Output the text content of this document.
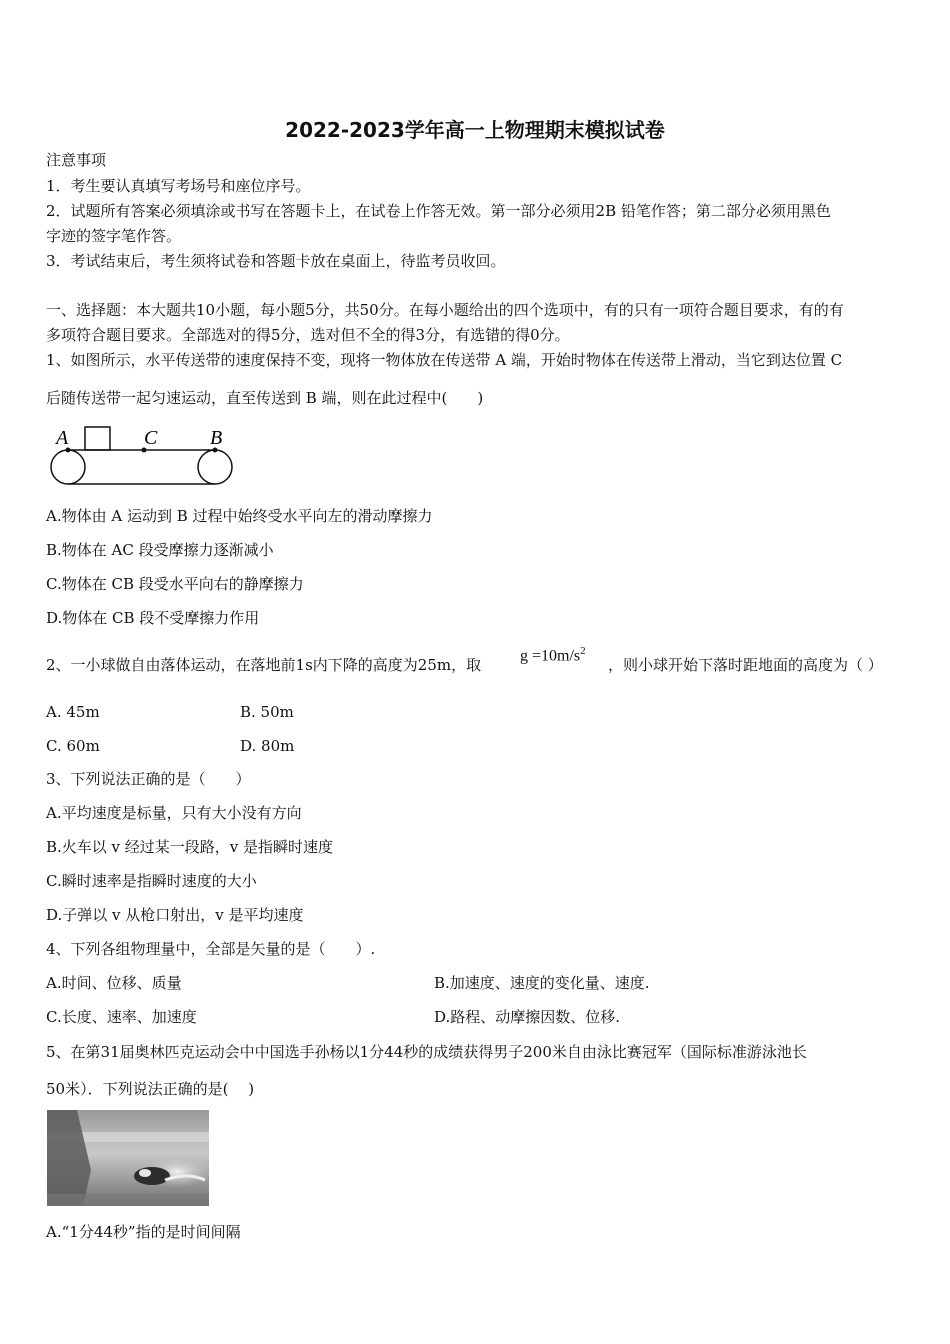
2022-2023学年高一上物理期末模拟试卷
注意事项
1．考生要认真填写考场号和座位序号。
2．试题所有答案必须填涂或书写在答题卡上，在试卷上作答无效。第一部分必须用2B 铅笔作答；第二部分必须用黑色
字迹的签字笔作答。
3．考试结束后，考生须将试卷和答题卡放在桌面上，待监考员收回。
一、选择题：本大题共10小题，每小题5分，共50分。在每小题给出的四个选项中，有的只有一项符合题目要求，有的有
多项符合题目要求。全部选对的得5分，选对但不全的得3分，有选错的得0分。
1、如图所示，水平传送带的速度保持不变，现将一物体放在传送带 A 端，开始时物体在传送带上滑动，当它到达位置 C
后随传送带一起匀速运动，直至传送到 B 端，则在此过程中(　　)
A	C	B
A.物体由 A 运动到 B 过程中始终受水平向左的滑动摩擦力
B.物体在 AC 段受摩擦力逐渐减小
C.物体在 CB 段受水平向右的静摩擦力
D.物体在 CB 段不受摩擦力作用
2、一小球做自由落体运动，在落地前1s内下降的高度为25m，取
$g =10m/s^2$
，则小球开始下落时距地面的高度为（ ）
A. 45m	B. 50m
C. 60m	D. 80m
3、下列说法正确的是（　　）
A.平均速度是标量，只有大小没有方向
B.火车以 v 经过某一段路，v 是指瞬时速度
C.瞬时速率是指瞬时速度的大小
D.子弹以 v 从枪口射出，v 是平均速度
4、下列各组物理量中，全部是矢量的是（　　）.
A.时间、位移、质量	B.加速度、速度的变化量、速度.
C.长度、速率、加速度	D.路程、动摩擦因数、位移.
5、在第31届奥林匹克运动会中中国选手孙杨以1分44秒的成绩获得男子200米自由泳比赛冠军（国际标准游泳池长
50米）．下列说法正确的是(　 )
A.“1分44秒”指的是时间间隔
